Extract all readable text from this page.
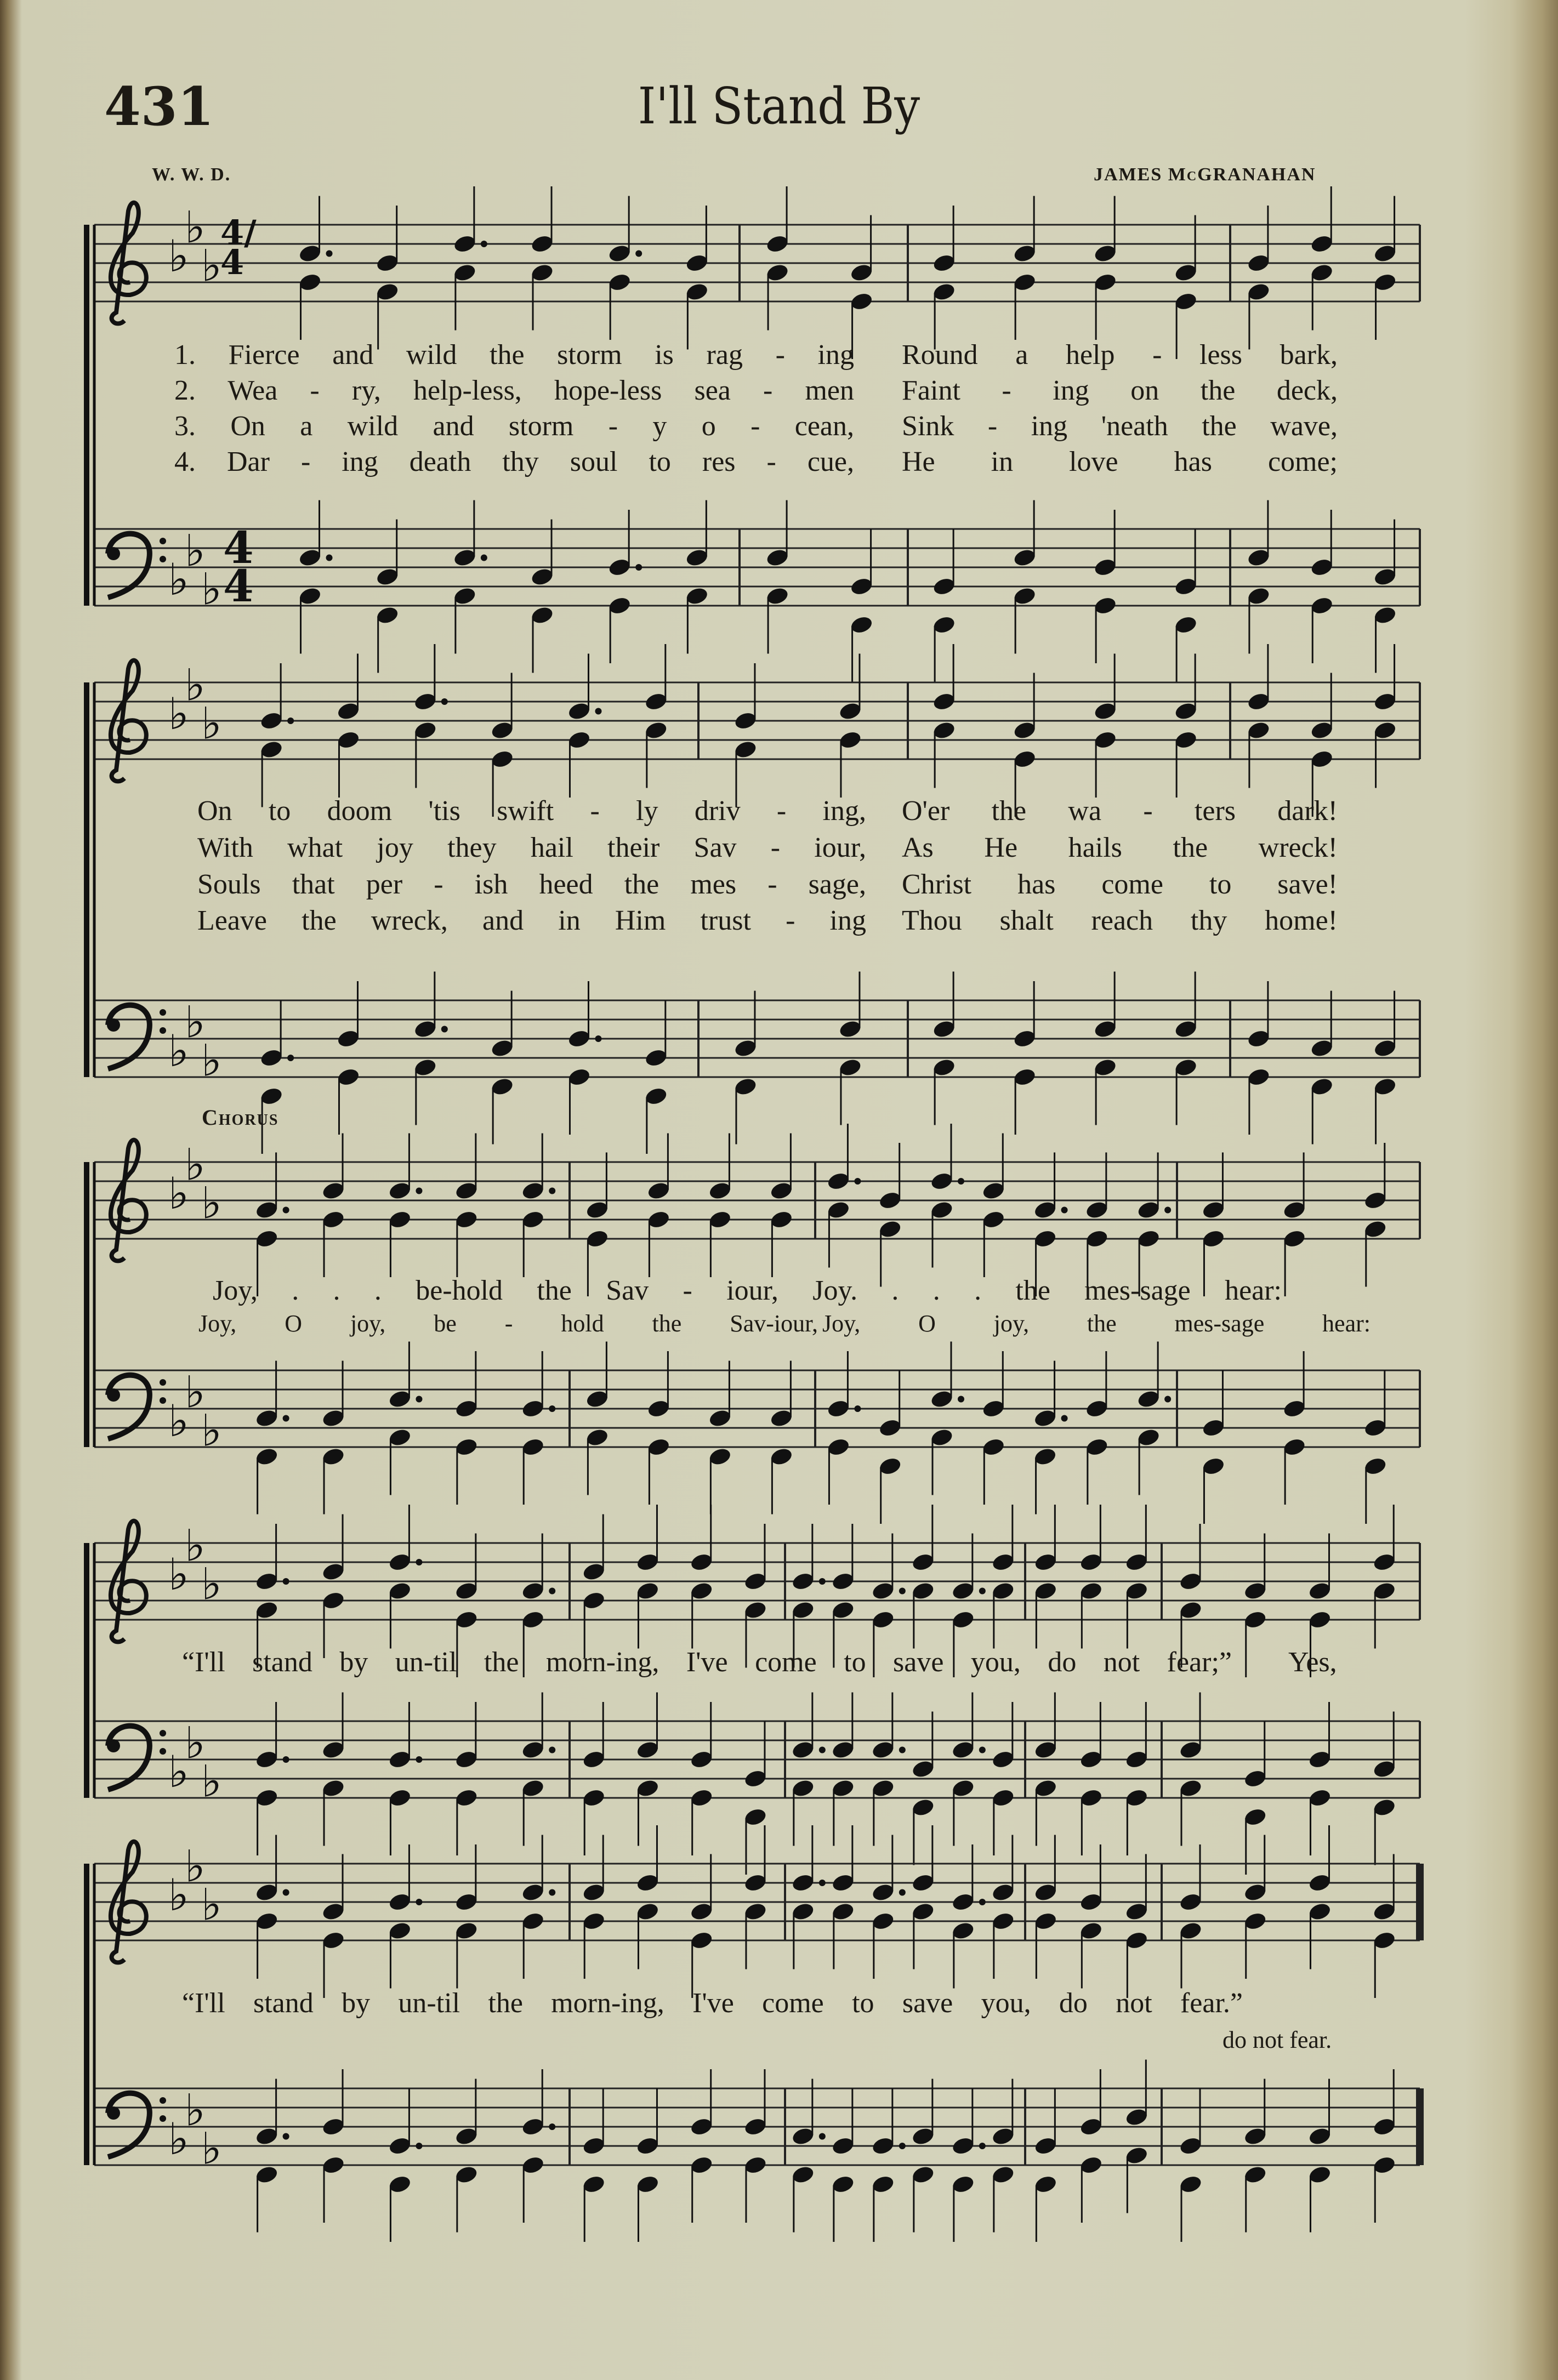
♭
♭
♭
♭
♭
♭
4
4
♭
♭
♭
♭
♭
♭
♭
♭
♭
♭
♭
♭
♭
♭
♭
♭
♭
♭
♭
♭
♭
♭
♭
♭
4/4
431	I'll Stand By
W. W. D.	JAMES McGRANAHAN
1. Fierce and wild the storm is rag - ing Round a help - less bark,
2. Wea - ry, help-less, hope-less sea - men Faint - ing on the deck,
3. On a wild and storm - y o - cean, Sink - ing 'neath the wave,
4. Dar - ing death thy soul to res - cue, He in love has come;
On to doom 'tis swift - ly driv - ing, O'er the wa - ters dark!
With what joy they hail their Sav - iour, As He hails the wreck!
Souls that per - ish heed the mes - sage, Christ has come to save!
Leave the wreck, and in Him trust - ing Thou shalt reach thy home!
Chorus
Joy, . . . be-hold the Sav - iour, Joy. . . . the mes-sage hear:
Joy, O joy, be - hold the Sav-iour, Joy, O joy, the mes-sage hear:
“I'll stand by un-til the morn-ing, I've come to save you, do not fear;” Yes,
“I'll stand by un-til the morn-ing, I've come to save you, do not fear.”
do not fear.
